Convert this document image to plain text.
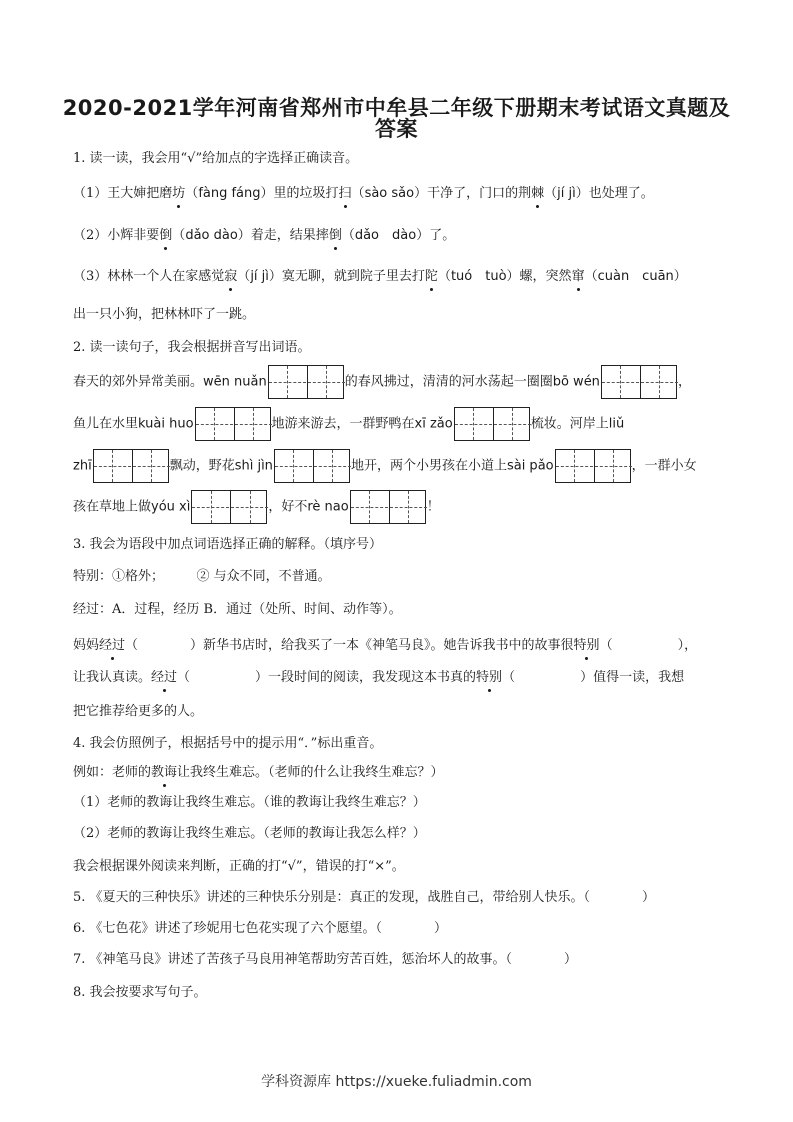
2020-2021学年河南省郑州市中牟县二年级下册期末考试语文真题及
答案
1. 读一读，我会用“√”给加点的字选择正确读音。
（1）王大婶把磨坊（fàng fáng）里的垃圾打扫（sào sǎo）干净了，门口的荆棘（jí jì）也处理了。
（2）小辉非要倒（dǎo dào）着走，结果摔倒（dǎo　dào）了。
（3）林林一个人在家感觉寂（jí jì）寞无聊，就到院子里去打陀（tuó　tuò）螺，突然窜（cuàn　cuān）
出一只小狗，把林林吓了一跳。
2. 读一读句子，我会根据拼音写出词语。
春天的郊外异常美丽。wēn nuǎn	的春风拂过，清清的河水荡起一圈圈bō wén	，
鱼儿在水里kuài huo	地游来游去，一群野鸭在xī zǎo	梳妆。河岸上liǔ
zhī	飘动，野花shì jìn	地开，两个小男孩在小道上sài pǎo	，一群小女
孩在草地上做yóu xì	，好不rè nao	！
3. 我会为语段中加点词语选择正确的解释。（填序号）
特别：①格外；　　　② 与众不同，不普通。
经过：A．过程，经历 B．通过（处所、时间、动作等）。
妈妈经过（　　　　）新华书店时，给我买了一本《神笔马良》。她告诉我书中的故事很特别（　　　　　），
让我认真读。经过（　　　　　）一段时间的阅读，我发现这本书真的特别（　　　　　）值得一读，我想
把它推荐给更多的人。
4. 我会仿照例子，根据括号中的提示用“．”标出重音。
例如：老师的教诲让我终生难忘。（老师的什么让我终生难忘？）
（1）老师的教诲让我终生难忘。（谁的教诲让我终生难忘？）
（2）老师的教诲让我终生难忘。（老师的教诲让我怎么样？）
我会根据课外阅读来判断，正确的打“√”，错误的打“×”。
5. 《夏天的三种快乐》讲述的三种快乐分别是：真正的发现，战胜自己，带给别人快乐。（　　　　）
6. 《七色花》讲述了珍妮用七色花实现了六个愿望。（　　　　）
7. 《神笔马良》讲述了苦孩子马良用神笔帮助穷苦百姓，惩治坏人的故事。（　　　　）
8. 我会按要求写句子。
学科资源库 https://xueke.fuliadmin.com
